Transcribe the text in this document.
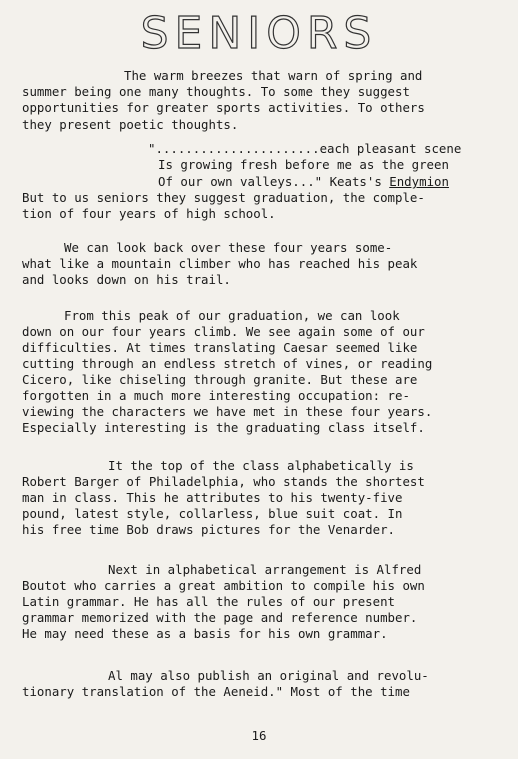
SENIORS
The warm breezes that warn of spring and
summer being one many thoughts. To some they suggest
opportunities for greater sports activities. To others
they present poetic thoughts.
"......................each pleasant scene
Is growing fresh before me as the green
Of our own valleys..." Keats's Endymion
But to us seniors they suggest graduation, the comple-
tion of four years of high school.
We can look back over these four years some-
what like a mountain climber who has reached his peak
and looks down on his trail.
From this peak of our graduation, we can look
down on our four years climb. We see again some of our
difficulties. At times translating Caesar seemed like
cutting through an endless stretch of vines, or reading
Cicero, like chiseling through granite. But these are
forgotten in a much more interesting occupation: re-
viewing the characters we have met in these four years.
Especially interesting is the graduating class itself.
It the top of the class alphabetically is
Robert Barger of Philadelphia, who stands the shortest
man in class. This he attributes to his twenty-five
pound, latest style, collarless, blue suit coat. In
his free time Bob draws pictures for the Venarder.
Next in alphabetical arrangement is Alfred
Boutot who carries a great ambition to compile his own
Latin grammar. He has all the rules of our present
grammar memorized with the page and reference number.
He may need these as a basis for his own grammar.
Al may also publish an original and revolu-
tionary translation of the Aeneid." Most of the time
16
